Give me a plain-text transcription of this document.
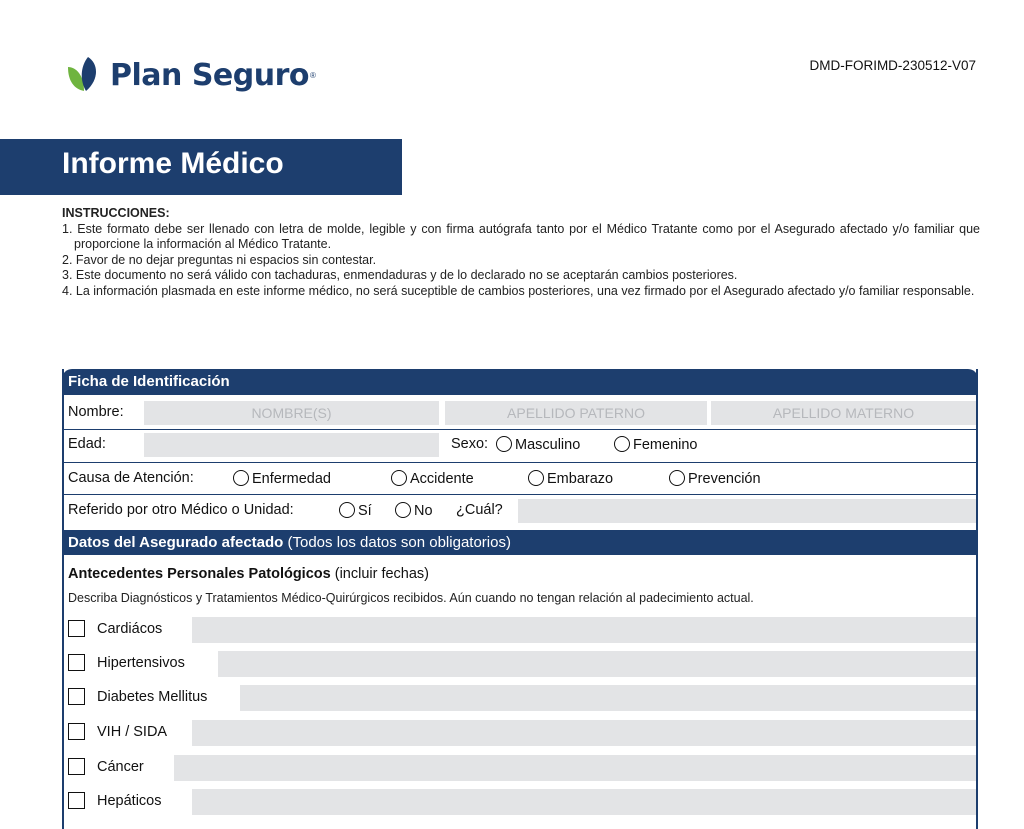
Plan Seguro ®
DMD-FORIMD-230512-V07
Informe Médico
INSTRUCCIONES:
1. Este formato debe ser llenado con letra de molde, legible y con firma autógrafa tanto por el Médico Tratante como por el Asegurado afectado y/o familiar que proporcione la información al Médico Tratante.
2. Favor de no dejar preguntas ni espacios sin contestar.
3. Este documento no será válido con tachaduras, enmendaduras y de lo declarado no se aceptarán cambios posteriores.
4. La información plasmada en este informe médico, no será suceptible de cambios posteriores, una vez firmado por el Asegurado afectado y/o familiar responsable.
Ficha de Identificación
Nombre:	NOMBRE(S)	APELLIDO PATERNO	APELLIDO MATERNO
Edad:	Sexo:	Masculino	Femenino
Causa de Atención:	Enfermedad	Accidente	Embarazo	Prevención
Referido por otro Médico o Unidad:	Sí	No ¿Cuál?
Datos del Asegurado afectado (Todos los datos son obligatorios)
Antecedentes Personales Patológicos (incluir fechas)
Describa Diagnósticos y Tratamientos Médico-Quirúrgicos recibidos. Aún cuando no tengan relación al padecimiento actual.
Cardiácos
Hipertensivos
Diabetes Mellitus
VIH / SIDA
Cáncer
Hepáticos
